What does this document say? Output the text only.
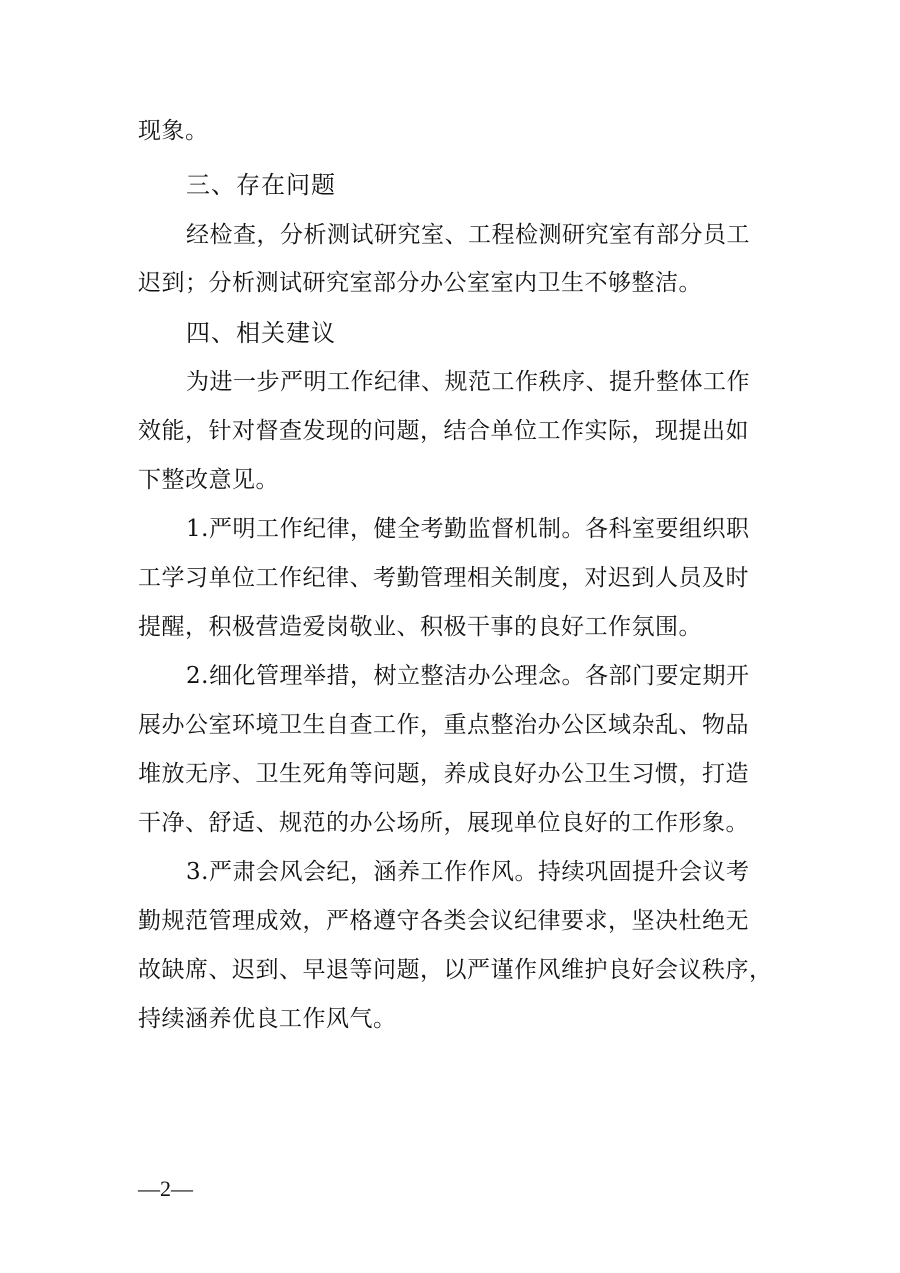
现象。
三、存在问题
经检查，分析测试研究室、工程检测研究室有部分员工
迟到；分析测试研究室部分办公室室内卫生不够整洁。
四、相关建议
为进一步严明工作纪律、规范工作秩序、提升整体工作
效能，针对督查发现的问题，结合单位工作实际，现提出如
下整改意见。
1.严明工作纪律，健全考勤监督机制。各科室要组织职
工学习单位工作纪律、考勤管理相关制度，对迟到人员及时
提醒，积极营造爱岗敬业、积极干事的良好工作氛围。
2.细化管理举措，树立整洁办公理念。各部门要定期开
展办公室环境卫生自查工作，重点整治办公区域杂乱、物品
堆放无序、卫生死角等问题，养成良好办公卫生习惯，打造
干净、舒适、规范的办公场所，展现单位良好的工作形象。
3.严肃会风会纪，涵养工作作风。持续巩固提升会议考
勤规范管理成效，严格遵守各类会议纪律要求，坚决杜绝无
故缺席、迟到、早退等问题，以严谨作风维护良好会议秩序，
持续涵养优良工作风气。
—2—
